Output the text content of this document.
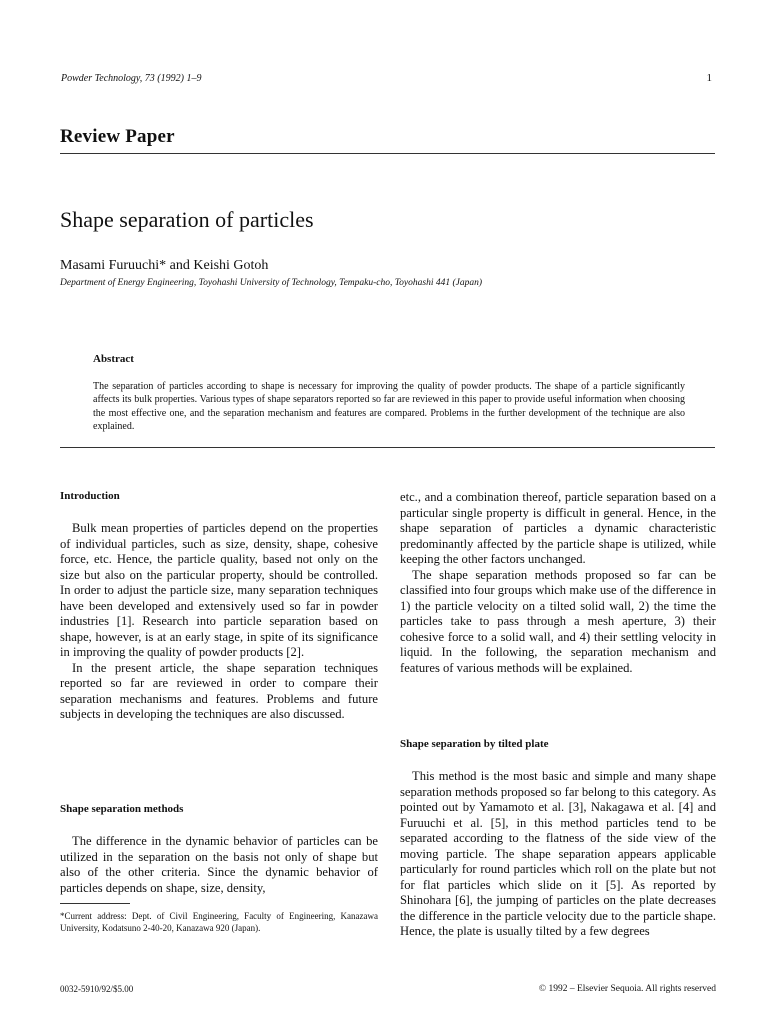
Powder Technology, 73 (1992) 1–9	1
Review Paper
Shape separation of particles
Masami Furuuchi* and Keishi Gotoh
Department of Energy Engineering, Toyohashi University of Technology, Tempaku-cho, Toyohashi 441 (Japan)
Abstract
The separation of particles according to shape is necessary for improving the quality of powder products. The shape of a particle significantly affects its bulk properties. Various types of shape separators reported so far are reviewed in this paper to provide useful information when choosing the most effective one, and the separation mechanism and features are compared. Problems in the further development of the technique are also explained.
Introduction

Bulk mean properties of particles depend on the properties of individual particles, such as size, density, shape, cohesive force, etc. Hence, the particle quality, based not only on the size but also on the particular property, should be controlled. In order to adjust the particle size, many separation techniques have been developed and extensively used so far in powder industries [1]. Research into particle separation based on shape, however, is at an early stage, in spite of its significance in improving the quality of powder products [2].

In the present article, the shape separation techniques reported so far are reviewed in order to compare their separation mechanisms and features. Problems and future subjects in developing the techniques are also discussed.

Shape separation methods

The difference in the dynamic behavior of particles can be utilized in the separation on the basis not only of shape but also of the other criteria. Since the dynamic behavior of particles depends on shape, size, density,

*Current address: Dept. of Civil Engineering, Faculty of Engineering, Kanazawa University, Kodatsuno 2-40-20, Kanazawa 920 (Japan).

etc., and a combination thereof, particle separation based on a particular single property is difficult in general. Hence, in the shape separation of particles a dynamic characteristic predominantly affected by the particle shape is utilized, while keeping the other factors unchanged.

The shape separation methods proposed so far can be classified into four groups which make use of the difference in 1) the particle velocity on a tilted solid wall, 2) the time the particles take to pass through a mesh aperture, 3) their cohesive force to a solid wall, and 4) their settling velocity in liquid. In the following, the separation mechanism and features of various methods will be explained.

Shape separation by tilted plate

This method is the most basic and simple and many shape separation methods proposed so far belong to this category. As pointed out by Yamamoto et al. [3], Nakagawa et al. [4] and Furuuchi et al. [5], in this method particles tend to be separated according to the flatness of the side view of the moving particle. The shape separation appears applicable particularly for round particles which roll on the plate but not for flat particles which slide on it [5]. As reported by Shinohara [6], the jumping of particles on the plate decreases the difference in the particle velocity due to the particle shape. Hence, the plate is usually tilted by a few degrees

0032-5910/92/$5.00	© 1992 – Elsevier Sequoia. All rights reserved
